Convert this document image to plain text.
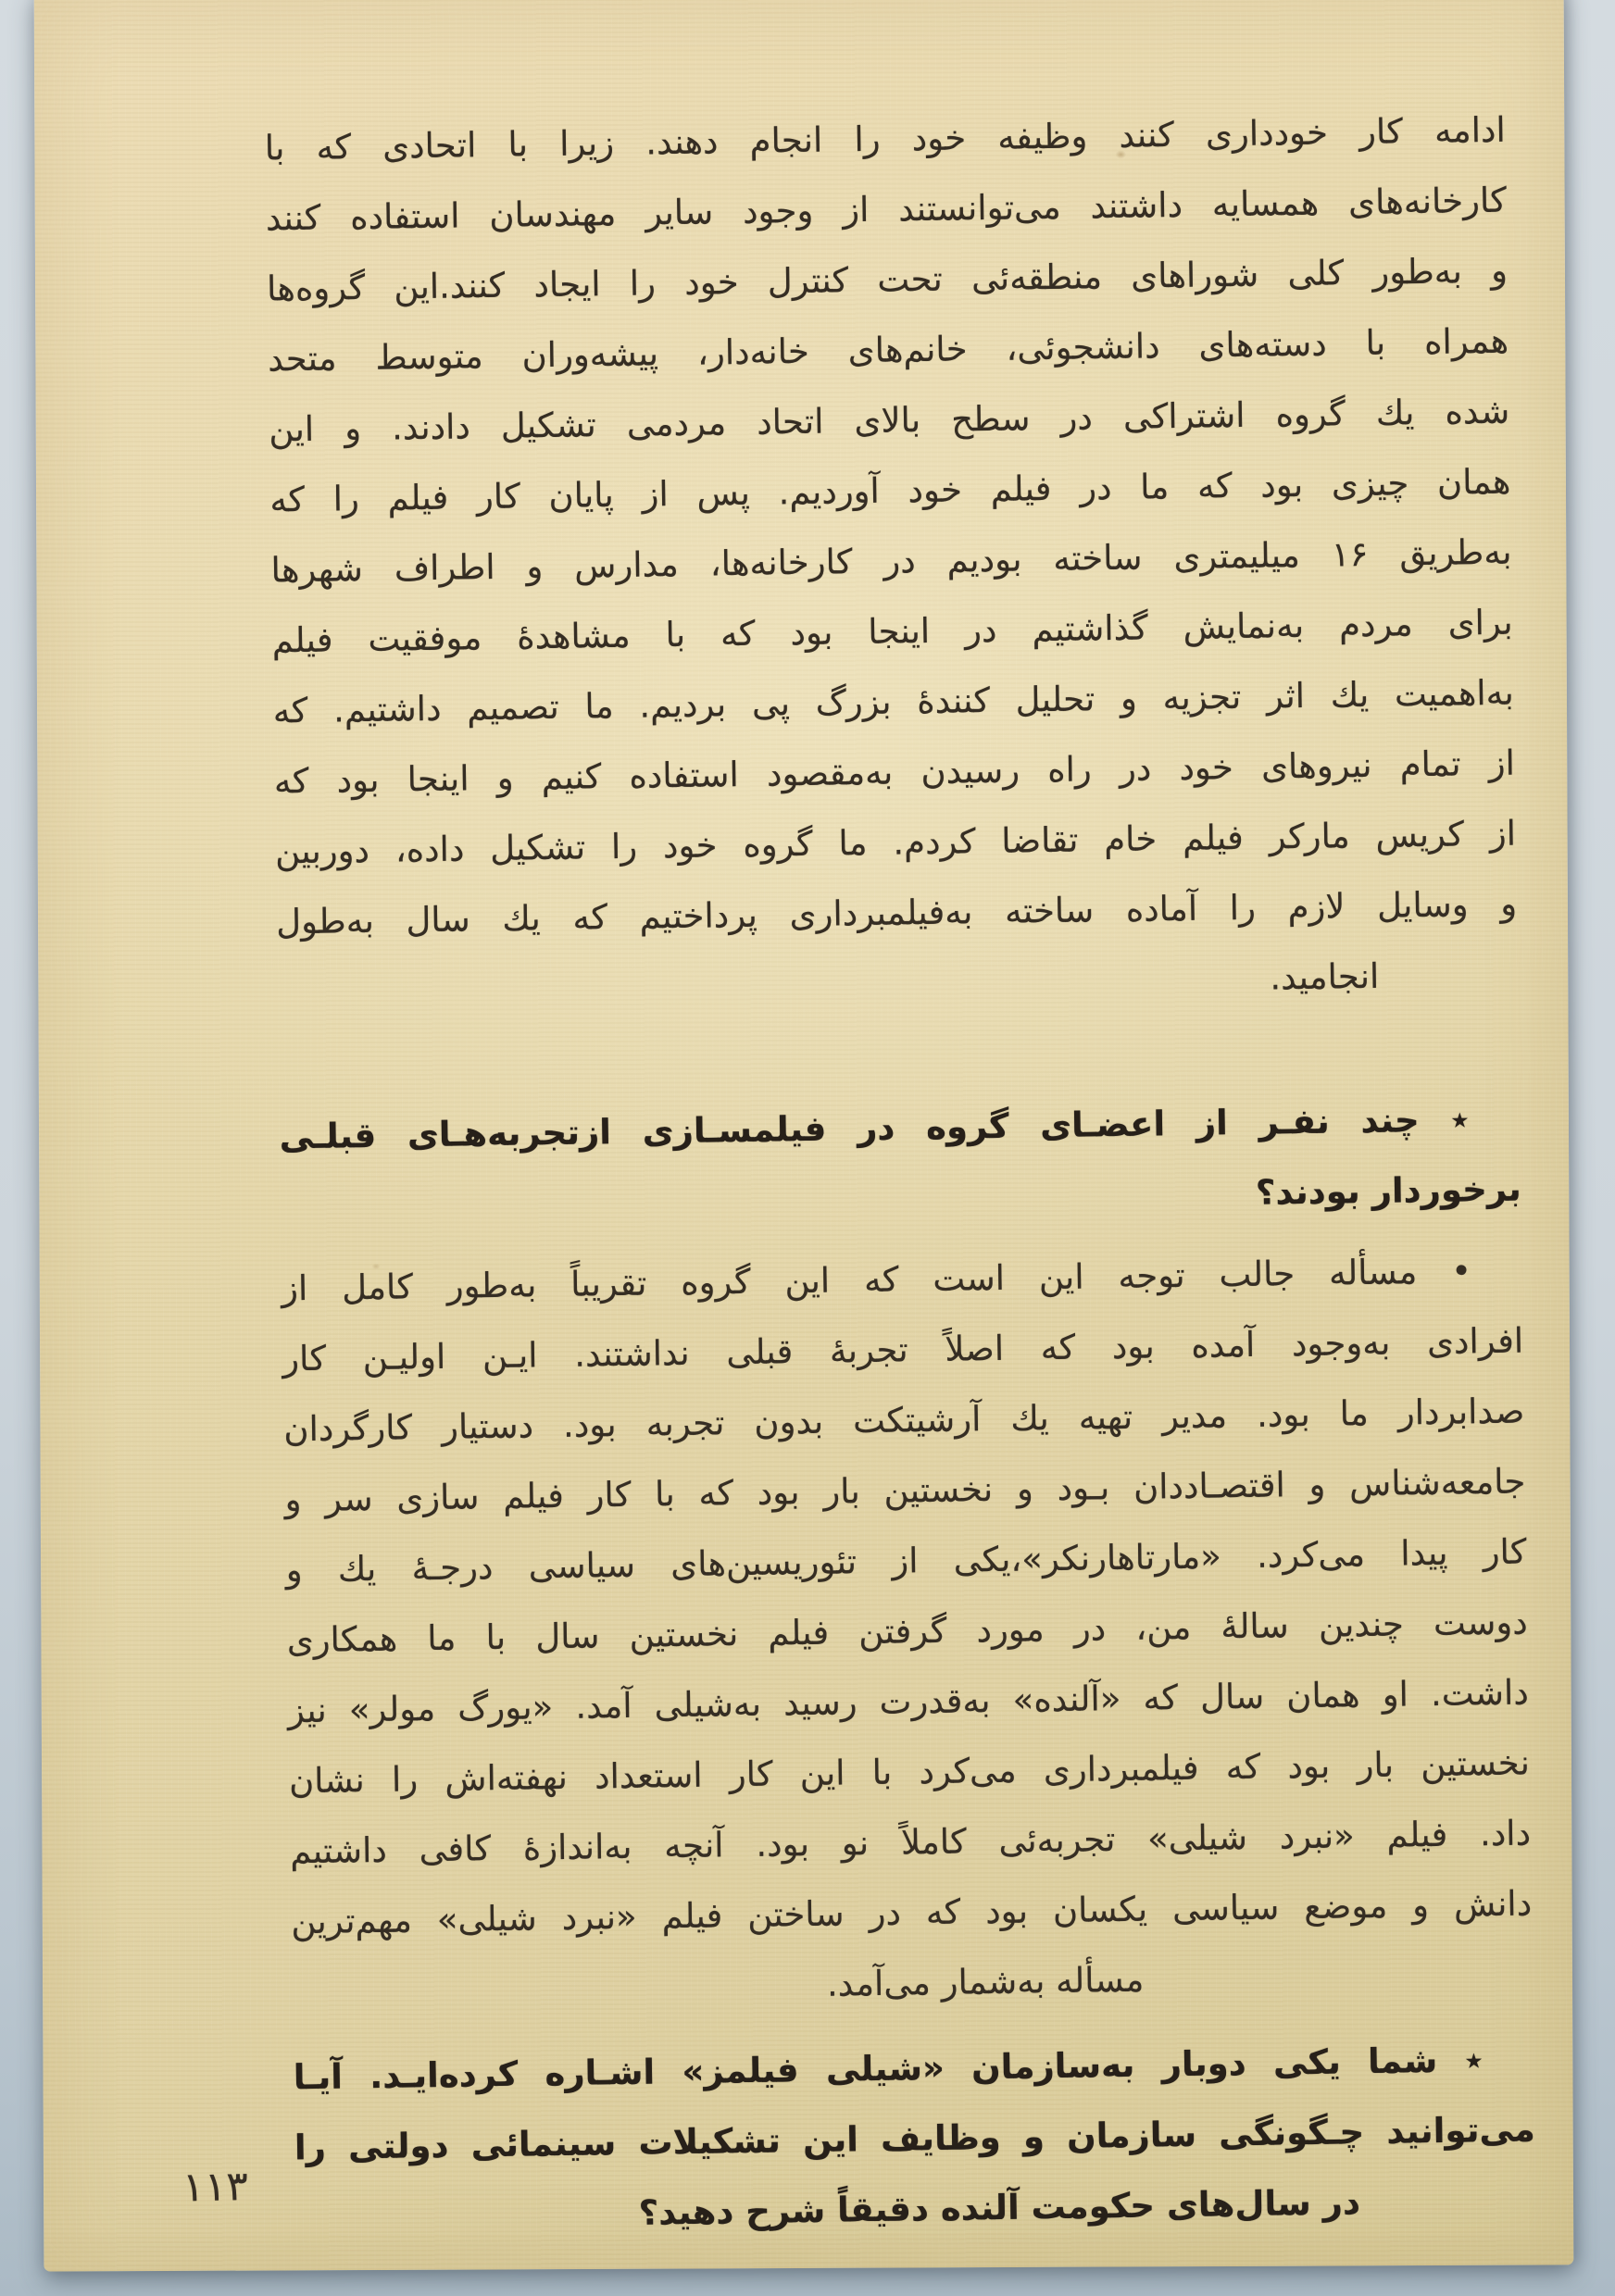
ادامه کار خودداری کنند وظیفه خود را انجام دهند. زیرا با اتحادی که با
کارخانه‌های همسایه داشتند می‌توانستند از وجود سایر مهندسان استفاده کنند
و به‌طور کلی شوراهای منطقه‌ئی تحت کنترل خود را ایجاد کنند.این گروه‌ها
همراه با دسته‌های دانشجوئی، خانم‌های خانه‌دار، پیشه‌وران متوسط متحد
شده یك گروه اشتراکی در سطح بالای اتحاد مردمی تشکیل دادند. و این
همان چیزی بود که ما در فیلم خود آوردیم. پس از پایان کار فیلم را که
به‌طریق ۱۶ میلیمتری ساخته بودیم در کارخانه‌ها، مدارس و اطراف شهرها
برای مردم به‌نمایش گذاشتیم در اینجا بود که با مشاهدهٔ موفقیت فیلم
به‌اهمیت یك اثر تجزیه و تحلیل کنندهٔ بزرگ پی بردیم. ما تصمیم داشتیم. که
از تمام نیروهای خود در راه رسیدن به‌مقصود استفاده کنیم و اینجا بود که
از کریس مارکر فیلم خام تقاضا کردم. ما گروه خود را تشکیل داده، دوربین
و وسایل لازم را آماده ساخته به‌فیلمبرداری پرداختیم که یك سال به‌طول
انجامید.
٭ چند نفـر از اعضـای گروه در فیلمسـازی ازتجربه‌هـای قبلـی
برخوردار بودند؟
• مسأله جالب توجه این است که این گروه تقریباً به‌طور کامل از
افرادی به‌وجود آمده بود که اصلاً تجربهٔ قبلی نداشتند. ایـن اولیـن کار
صدابردار ما بود. مدیر تهیه یك آرشیتکت بدون تجربه بود. دستیار کارگردان
جامعه‌شناس و اقتصـاددان بـود و نخستین بار بود که با کار فیلم سازی سر و
کار پیدا می‌کرد. «مارتاهارنکر»،یکی از تئوریسین‌های سیاسی درجـهٔ یك و
دوست چندین سالهٔ من، در مورد گرفتن فیلم نخستین سال با ما همکاری
داشت. او همان سال که «آلنده» به‌قدرت رسید به‌شیلی آمد. «یورگ مولر» نیز
نخستین بار بود که فیلمبرداری می‌کرد با این کار استعداد نهفته‌اش را نشان
داد. فیلم «نبرد شیلی» تجربه‌ئی کاملاً نو بود. آنچه به‌اندازهٔ کافی داشتیم
دانش و موضع سیاسی یکسان بود که در ساختن فیلم «نبرد شیلی» مهم‌ترین
مسأله به‌شمار می‌آمد.
٭ شما یکی دوبار به‌سازمان «شیلی فیلمز» اشـاره کرده‌ایـد. آیـا
می‌توانید چـگونگی سازمان و وظایف این تشکیلات سینمائی دولتی را
در سال‌های حکومت آلنده دقیقاً شرح دهید؟
۱۱۳
